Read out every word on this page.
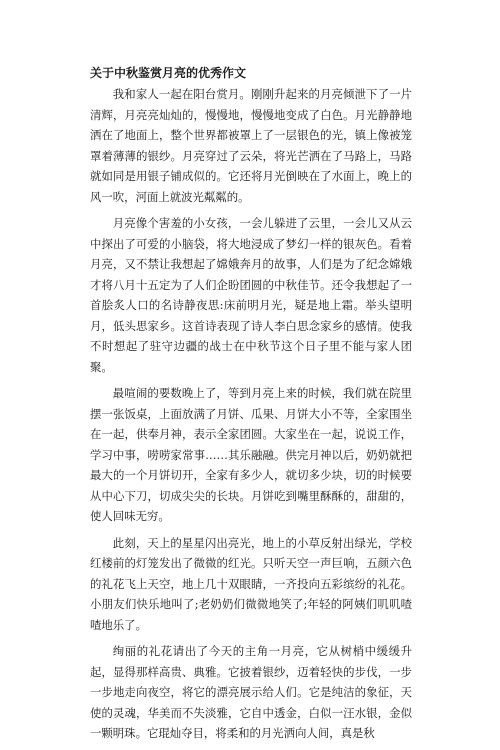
关于中秋鉴赏月亮的优秀作文

我和家人一起在阳台赏月。刚刚升起来的月亮倾泄下了一片清辉，月亮亮灿灿的，慢慢地，慢慢地变成了白色。月光静静地洒在了地面上，整个世界都被罩上了一层银色的光，镇上像被笼罩着薄薄的银纱。月亮穿过了云朵，将光芒洒在了马路上，马路就如同是用银子铺成似的。它还将月光倒映在了水面上，晚上的风一吹，河面上就波光粼粼的。

月亮像个害羞的小女孩，一会儿躲进了云里，一会儿又从云中探出了可爱的小脑袋，将大地浸成了梦幻一样的银灰色。看着月亮，又不禁让我想起了嫦娥奔月的故事，人们是为了纪念嫦娥才将八月十五定为了人们企盼团圆的中秋佳节。还令我想起了一首脍炙人口的名诗静夜思:床前明月光，疑是地上霜。举头望明月，低头思家乡。这首诗表现了诗人李白思念家乡的感情。使我不时想起了驻守边疆的战士在中秋节这个日子里不能与家人团聚。

最喧闹的要数晚上了，等到月亮上来的时候，我们就在院里摆一张饭桌，上面放满了月饼、瓜果、月饼大小不等，全家围坐在一起，供奉月神，表示全家团圆。大家坐在一起，说说工作，学习中事，唠唠家常事……其乐融融。供完月神以后，奶奶就把最大的一个月饼切开，全家有多少人，就切多少块，切的时候要从中心下刀，切成尖尖的长块。月饼吃到嘴里酥酥的，甜甜的，使人回味无穷。

此刻，天上的星星闪出亮光，地上的小草反射出绿光，学校红楼前的灯笼发出了微微的红光。只听天空一声巨响，五颜六色的礼花飞上天空，地上几十双眼睛，一齐投向五彩缤纷的礼花。小朋友们快乐地叫了;老奶奶们微微地笑了;年轻的阿姨们叽叽喳喳地乐了。

绚丽的礼花请出了今天的主角一月亮，它从树梢中缓缓升起，显得那样高贵、典雅。它披着银纱，迈着轻快的步伐，一步一步地走向夜空，将它的漂亮展示给人们。它是纯洁的象征，天使的灵魂，华美而不失淡雅，它自中透金，白似一汪水银，金似一颗明珠。它琨灿夺目，将柔和的月光洒向人间，真是秋
